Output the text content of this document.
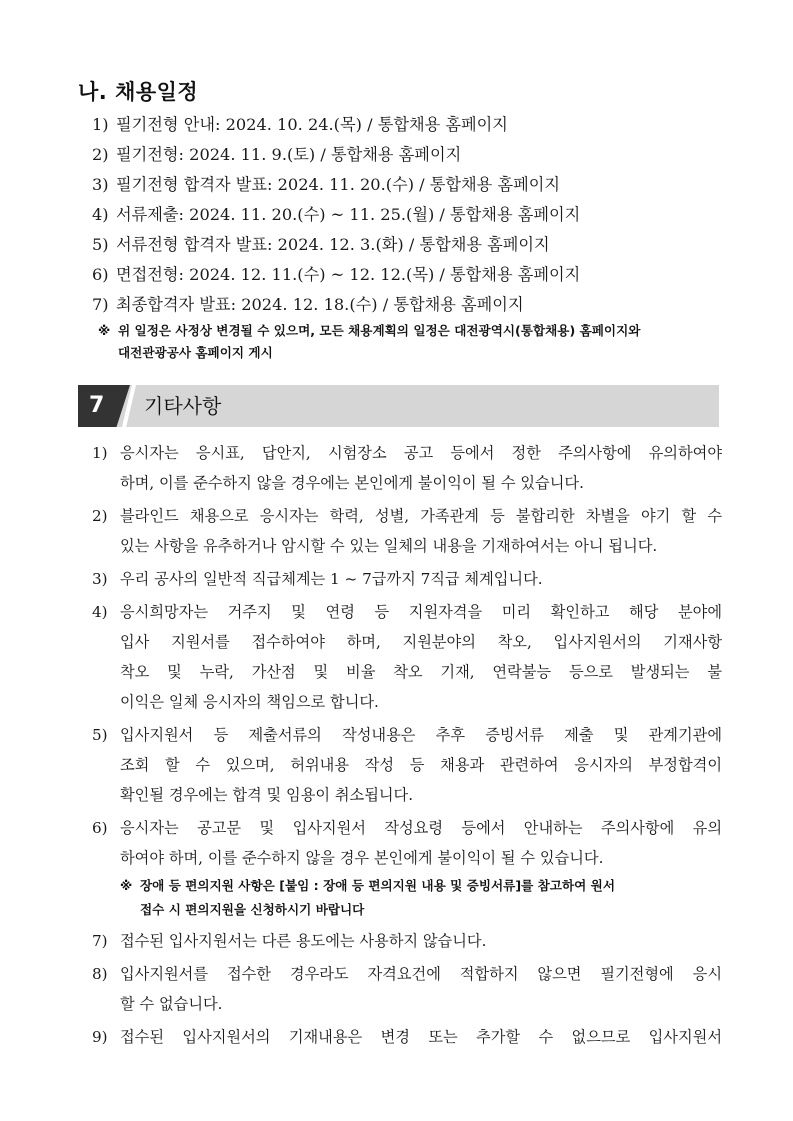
나. 채용일정
1) 필기전형 안내: 2024. 10. 24.(목) / 통합채용 홈페이지
2) 필기전형: 2024. 11. 9.(토) / 통합채용 홈페이지
3) 필기전형 합격자 발표: 2024. 11. 20.(수) / 통합채용 홈페이지
4) 서류제출: 2024. 11. 20.(수) ~ 11. 25.(월) / 통합채용 홈페이지
5) 서류전형 합격자 발표: 2024. 12. 3.(화) / 통합채용 홈페이지
6) 면접전형: 2024. 12. 11.(수) ~ 12. 12.(목) / 통합채용 홈페이지
7) 최종합격자 발표: 2024. 12. 18.(수) / 통합채용 홈페이지
※ 위 일정은 사정상 변경될 수 있으며, 모든 채용계획의 일정은 대전광역시(통합채용) 홈페이지와
대전관광공사 홈페이지 게시
7 기타사항
1) 응시자는 응시표, 답안지, 시험장소 공고 등에서 정한 주의사항에 유의하여야
하며, 이를 준수하지 않을 경우에는 본인에게 불이익이 될 수 있습니다.
2) 블라인드 채용으로 응시자는 학력, 성별, 가족관계 등 불합리한 차별을 야기 할 수
있는 사항을 유추하거나 암시할 수 있는 일체의 내용을 기재하여서는 아니 됩니다.
3) 우리 공사의 일반적 직급체계는 1 ~ 7급까지 7직급 체계입니다.
4) 응시희망자는 거주지 및 연령 등 지원자격을 미리 확인하고 해당 분야에
입사 지원서를 접수하여야 하며, 지원분야의 착오, 입사지원서의 기재사항
착오 및 누락, 가산점 및 비율 착오 기재, 연락불능 등으로 발생되는 불
이익은 일체 응시자의 책임으로 합니다.
5) 입사지원서 등 제출서류의 작성내용은 추후 증빙서류 제출 및 관계기관에
조회 할 수 있으며, 허위내용 작성 등 채용과 관련하여 응시자의 부정합격이
확인될 경우에는 합격 및 임용이 취소됩니다.
6) 응시자는 공고문 및 입사지원서 작성요령 등에서 안내하는 주의사항에 유의
하여야 하며, 이를 준수하지 않을 경우 본인에게 불이익이 될 수 있습니다.
※ 장애 등 편의지원 사항은 [붙임 : 장애 등 편의지원 내용 및 증빙서류]를 참고하여 원서
접수 시 편의지원을 신청하시기 바랍니다
7) 접수된 입사지원서는 다른 용도에는 사용하지 않습니다.
8) 입사지원서를 접수한 경우라도 자격요건에 적합하지 않으면 필기전형에 응시
할 수 없습니다.
9) 접수된 입사지원서의 기재내용은 변경 또는 추가할 수 없으므로 입사지원서
